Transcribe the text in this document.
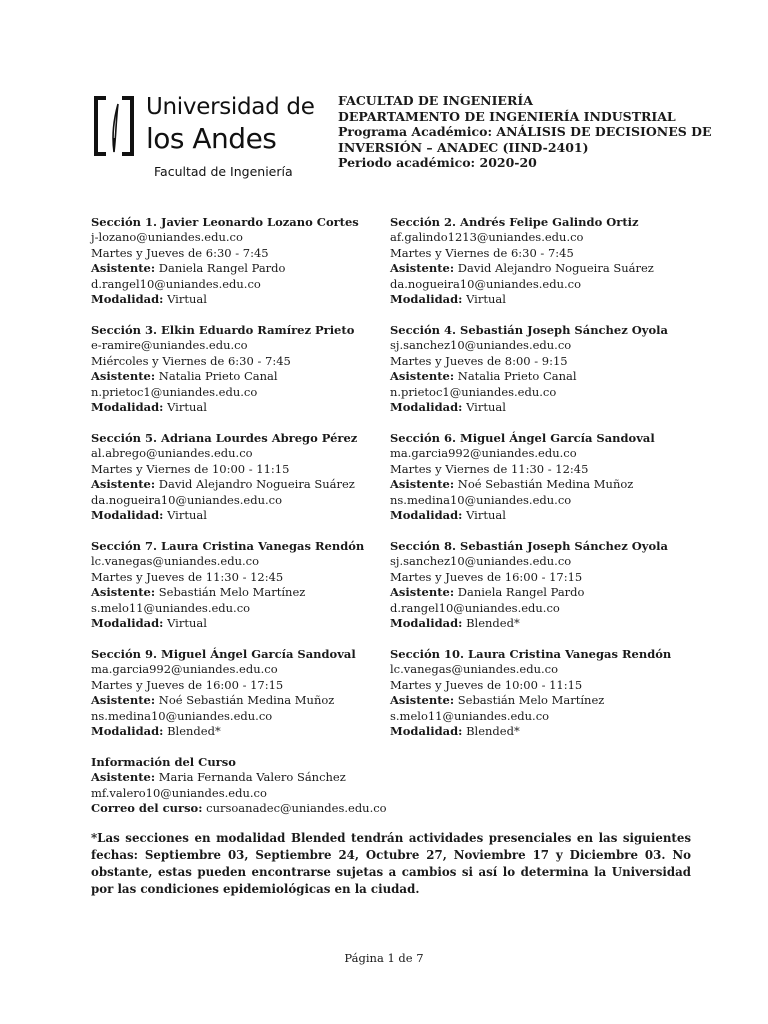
Universidad de
los Andes
Facultad de Ingeniería
FACULTAD DE INGENIERÍA
DEPARTAMENTO DE INGENIERÍA INDUSTRIAL
Programa Académico: ANÁLISIS DE DECISIONES DE
INVERSIÓN – ANADEC (IIND-2401)
Periodo académico: 2020-20
Sección 1. Javier Leonardo Lozano Cortes
j-lozano@uniandes.edu.co
Martes y Jueves de 6:30 - 7:45
Asistente: Daniela Rangel Pardo
d.rangel10@uniandes.edu.co
Modalidad: Virtual
Sección 2. Andrés Felipe Galindo Ortiz
af.galindo1213@uniandes.edu.co
Martes y Viernes de 6:30 - 7:45
Asistente: David Alejandro Nogueira Suárez
da.nogueira10@uniandes.edu.co
Modalidad: Virtual
Sección 3. Elkin Eduardo Ramírez Prieto
e-ramire@uniandes.edu.co
Miércoles y Viernes de 6:30 - 7:45
Asistente: Natalia Prieto Canal
n.prietoc1@uniandes.edu.co
Modalidad: Virtual
Sección 4. Sebastián Joseph Sánchez Oyola
sj.sanchez10@uniandes.edu.co
Martes y Jueves de 8:00 - 9:15
Asistente: Natalia Prieto Canal
n.prietoc1@uniandes.edu.co
Modalidad: Virtual
Sección 5. Adriana Lourdes Abrego Pérez
al.abrego@uniandes.edu.co
Martes y Viernes de 10:00 - 11:15
Asistente: David Alejandro Nogueira Suárez
da.nogueira10@uniandes.edu.co
Modalidad: Virtual
Sección 6. Miguel Ángel García Sandoval
ma.garcia992@uniandes.edu.co
Martes y Viernes de 11:30 - 12:45
Asistente: Noé Sebastián Medina Muñoz
ns.medina10@uniandes.edu.co
Modalidad: Virtual
Sección 7. Laura Cristina Vanegas Rendón
lc.vanegas@uniandes.edu.co
Martes y Jueves de 11:30 - 12:45
Asistente: Sebastián Melo Martínez
s.melo11@uniandes.edu.co
Modalidad: Virtual
Sección 8. Sebastián Joseph Sánchez Oyola
sj.sanchez10@uniandes.edu.co
Martes y Jueves de 16:00 - 17:15
Asistente: Daniela Rangel Pardo
d.rangel10@uniandes.edu.co
Modalidad: Blended*
Sección 9. Miguel Ángel García Sandoval
ma.garcia992@uniandes.edu.co
Martes y Jueves de 16:00 - 17:15
Asistente: Noé Sebastián Medina Muñoz
ns.medina10@uniandes.edu.co
Modalidad: Blended*
Sección 10. Laura Cristina Vanegas Rendón
lc.vanegas@uniandes.edu.co
Martes y Jueves de 10:00 - 11:15
Asistente: Sebastián Melo Martínez
s.melo11@uniandes.edu.co
Modalidad: Blended*
Información del Curso
Asistente: Maria Fernanda Valero Sánchez
mf.valero10@uniandes.edu.co
Correo del curso: cursoanadec@uniandes.edu.co
*Las secciones en modalidad Blended tendrán actividades presenciales en las siguientes fechas: Septiembre 03, Septiembre 24, Octubre 27, Noviembre 17 y Diciembre 03. No obstante, estas pueden encontrarse sujetas a cambios si así lo determina la Universidad por las condiciones epidemiológicas en la ciudad.
Página 1 de 7
